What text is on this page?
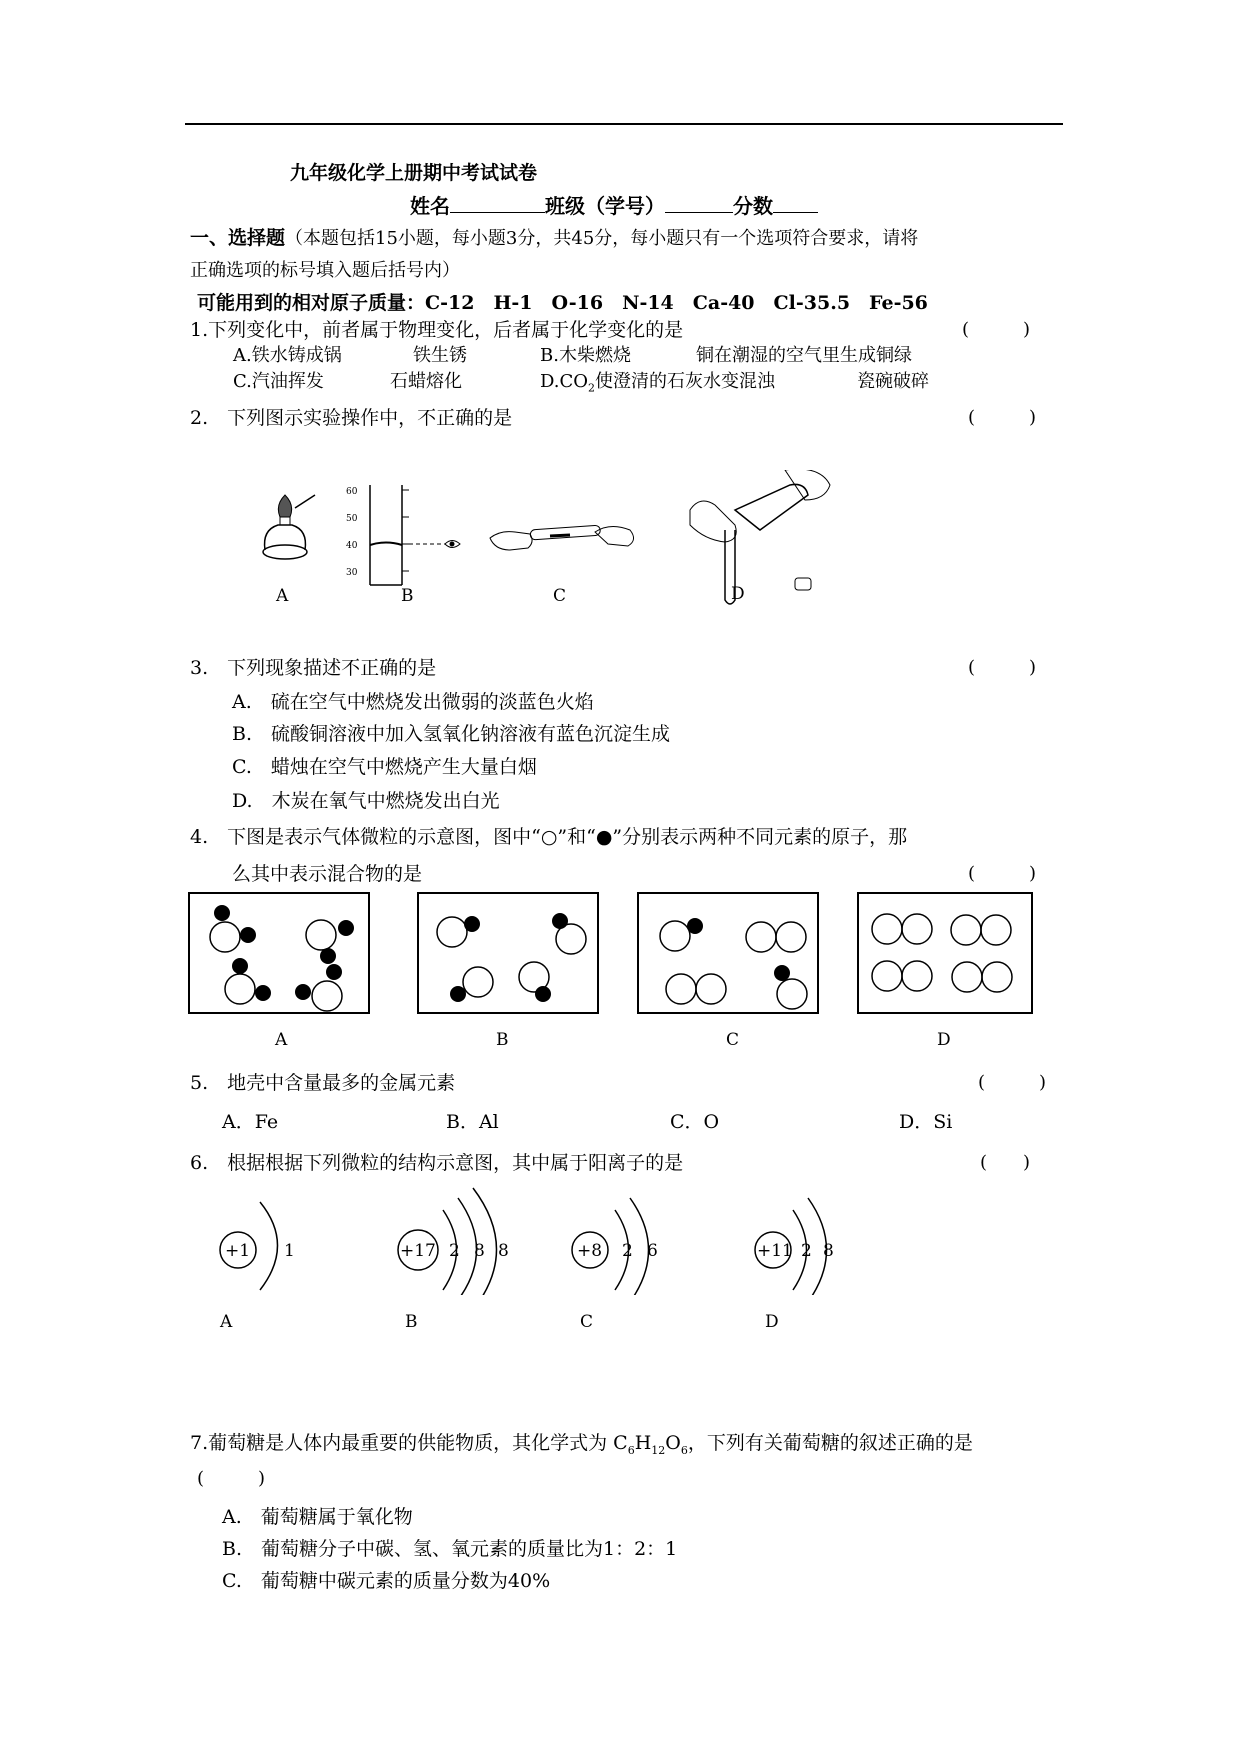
九年级化学上册期中考试试卷
姓名	班级（学号）	分数
一、选择题（本题包括15小题，每小题3分，共45分，每小题只有一个选项符合要求，请将
正确选项的标号填入题后括号内）
可能用到的相对原子质量：C-12　H-1　O-16　N-14　Ca-40　Cl-35.5　Fe-56
1.下列变化中，前者属于物理变化，后者属于化学变化的是	(　　　)
A.铁水铸成锅	铁生锈	B.木柴燃烧	铜在潮湿的空气里生成铜绿
C.汽油挥发	石蜡熔化	$D.CO_2$使澄清的石灰水变混浊	瓷碗破碎
2.　下列图示实验操作中，不正确的是	(　　　)
60
50
40
30
A	B	C	D
3.　下列现象描述不正确的是	(　　　)
A.　硫在空气中燃烧发出微弱的淡蓝色火焰
B.　硫酸铜溶液中加入氢氧化钠溶液有蓝色沉淀生成
C.　蜡烛在空气中燃烧产生大量白烟
D.　木炭在氧气中燃烧发出白光
4.　下图是表示气体微粒的示意图，图中“○”和“●”分别表示两种不同元素的原子，那
么其中表示混合物的是	(　　　)
A	B	C	D
5.　地壳中含量最多的金属元素	(　　　)
A．Fe	B．Al	C．O	D．Si
6.　根据根据下列微粒的结构示意图，其中属于阳离子的是	(　　)
+1 1	+17 2 8 8	+8 2 6	+11 2 8
A	B	C	D
7.葡萄糖是人体内最重要的供能物质，其化学式为 $C_6H_{12}O_6$，下列有关葡萄糖的叙述正确的是
(　　　)
A.　葡萄糖属于氧化物
B.　葡萄糖分子中碳、氢、氧元素的质量比为1：2：1
C.　葡萄糖中碳元素的质量分数为40%
